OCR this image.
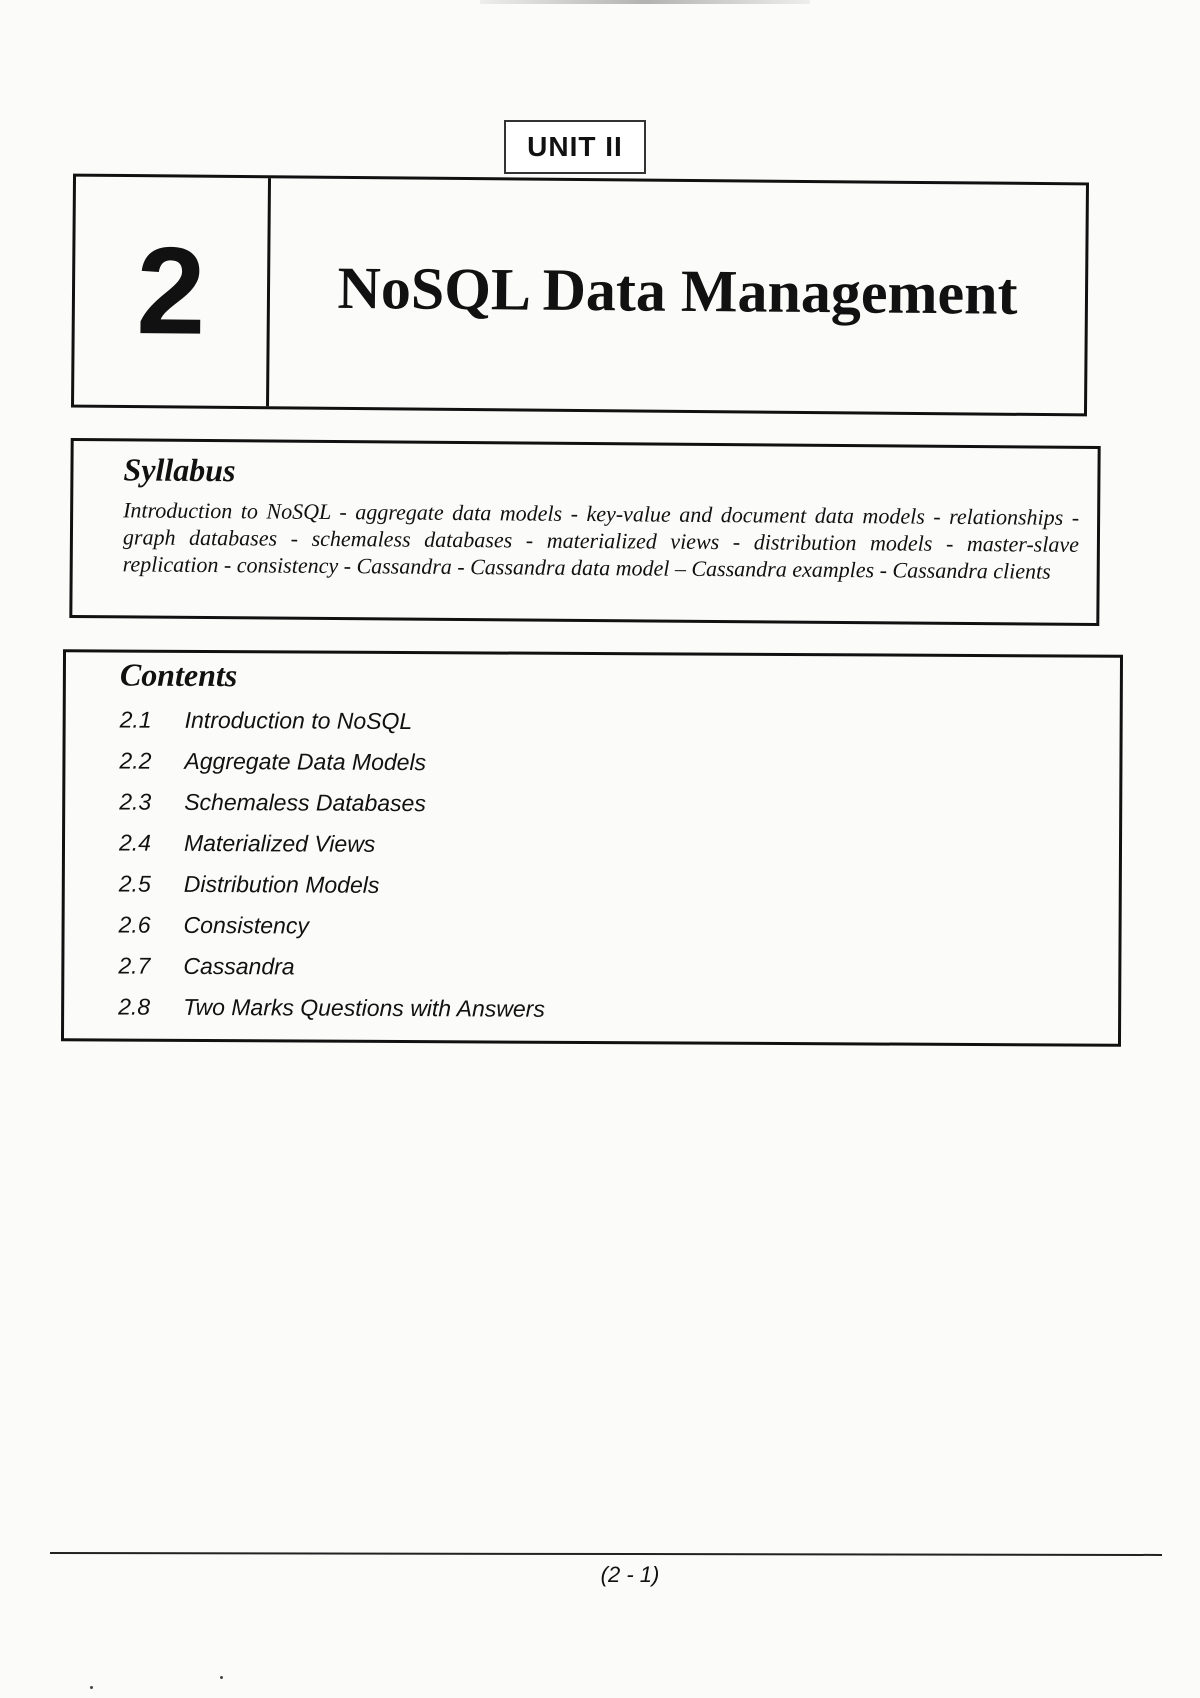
UNIT II
2	NoSQL Data Management
Syllabus

Introduction to NoSQL - aggregate data models - key-value and document data models - relationships - graph databases - schemaless databases - materialized views - distribution models - master-slave replication - consistency - Cassandra - Cassandra data model – Cassandra examples - Cassandra clients

Contents
2.1	Introduction to NoSQL
2.2	Aggregate Data Models
2.3	Schemaless Databases
2.4	Materialized Views
2.5	Distribution Models
2.6	Consistency
2.7	Cassandra
2.8	Two Marks Questions with Answers
(2 - 1)
